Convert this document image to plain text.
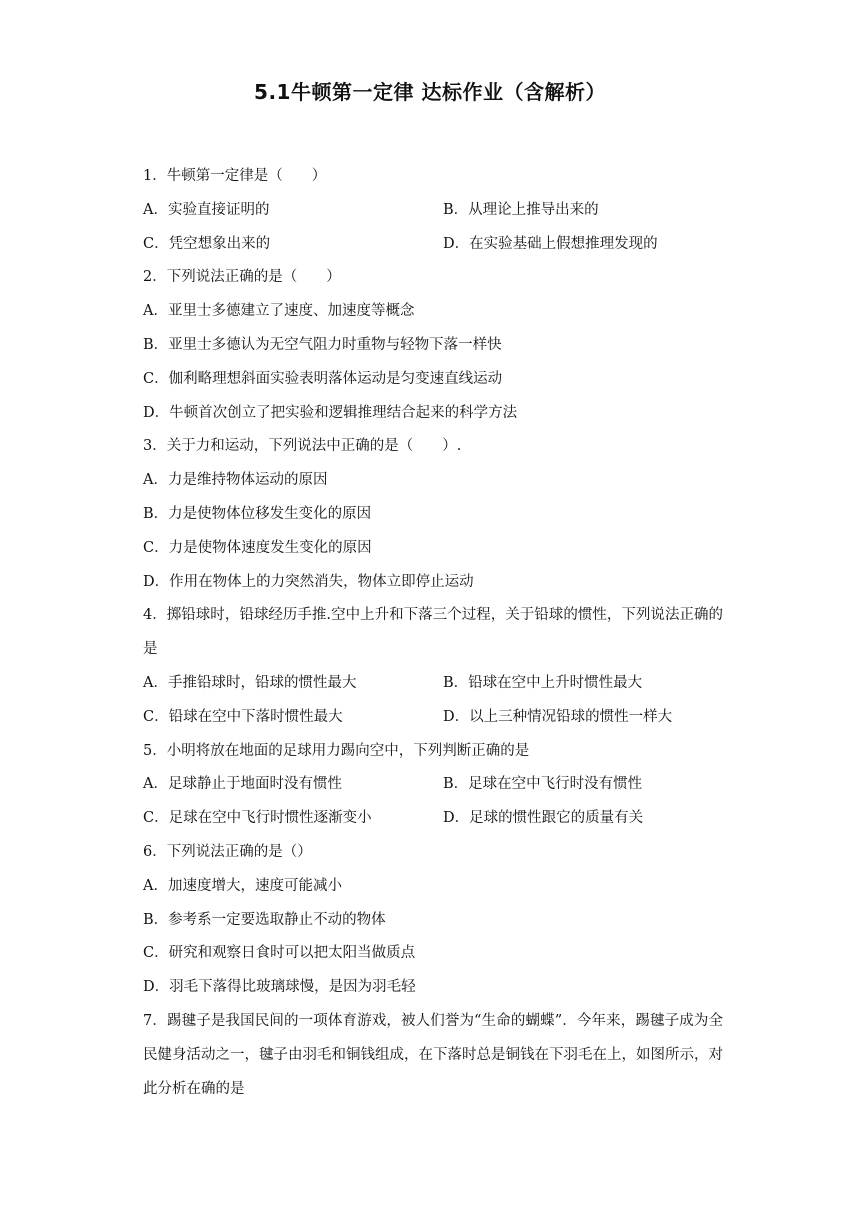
5.1牛顿第一定律 达标作业（含解析）

1．牛顿第一定律是（　　）

A．实验直接证明的	B．从理论上推导出来的
C．凭空想象出来的	D．在实验基础上假想推理发现的

2．下列说法正确的是（　　）

A．亚里士多德建立了速度、加速度等概念

B．亚里士多德认为无空气阻力时重物与轻物下落一样快

C．伽利略理想斜面实验表明落体运动是匀变速直线运动

D．牛顿首次创立了把实验和逻辑推理结合起来的科学方法

3．关于力和运动，下列说法中正确的是（　　）.

A．力是维持物体运动的原因

B．力是使物体位移发生变化的原因

C．力是使物体速度发生变化的原因

D．作用在物体上的力突然消失，物体立即停止运动

4．掷铅球时，铅球经历手推.空中上升和下落三个过程，关于铅球的惯性，下列说法正确的是

A．手推铅球时，铅球的惯性最大	B．铅球在空中上升时惯性最大
C．铅球在空中下落时惯性最大	D．以上三种情况铅球的惯性一样大

5．小明将放在地面的足球用力踢向空中，下列判断正确的是

A．足球静止于地面时没有惯性	B．足球在空中飞行时没有惯性
C．足球在空中飞行时惯性逐渐变小	D．足球的惯性跟它的质量有关

6．下列说法正确的是（）

A．加速度增大，速度可能减小

B．参考系一定要选取静止不动的物体

C．研究和观察日食时可以把太阳当做质点

D．羽毛下落得比玻璃球慢，是因为羽毛轻

7．踢毽子是我国民间的一项体育游戏，被人们誉为“生命的蝴蝶”．今年来，踢毽子成为全民健身活动之一，毽子由羽毛和铜钱组成，在下落时总是铜钱在下羽毛在上，如图所示，对此分析在确的是
